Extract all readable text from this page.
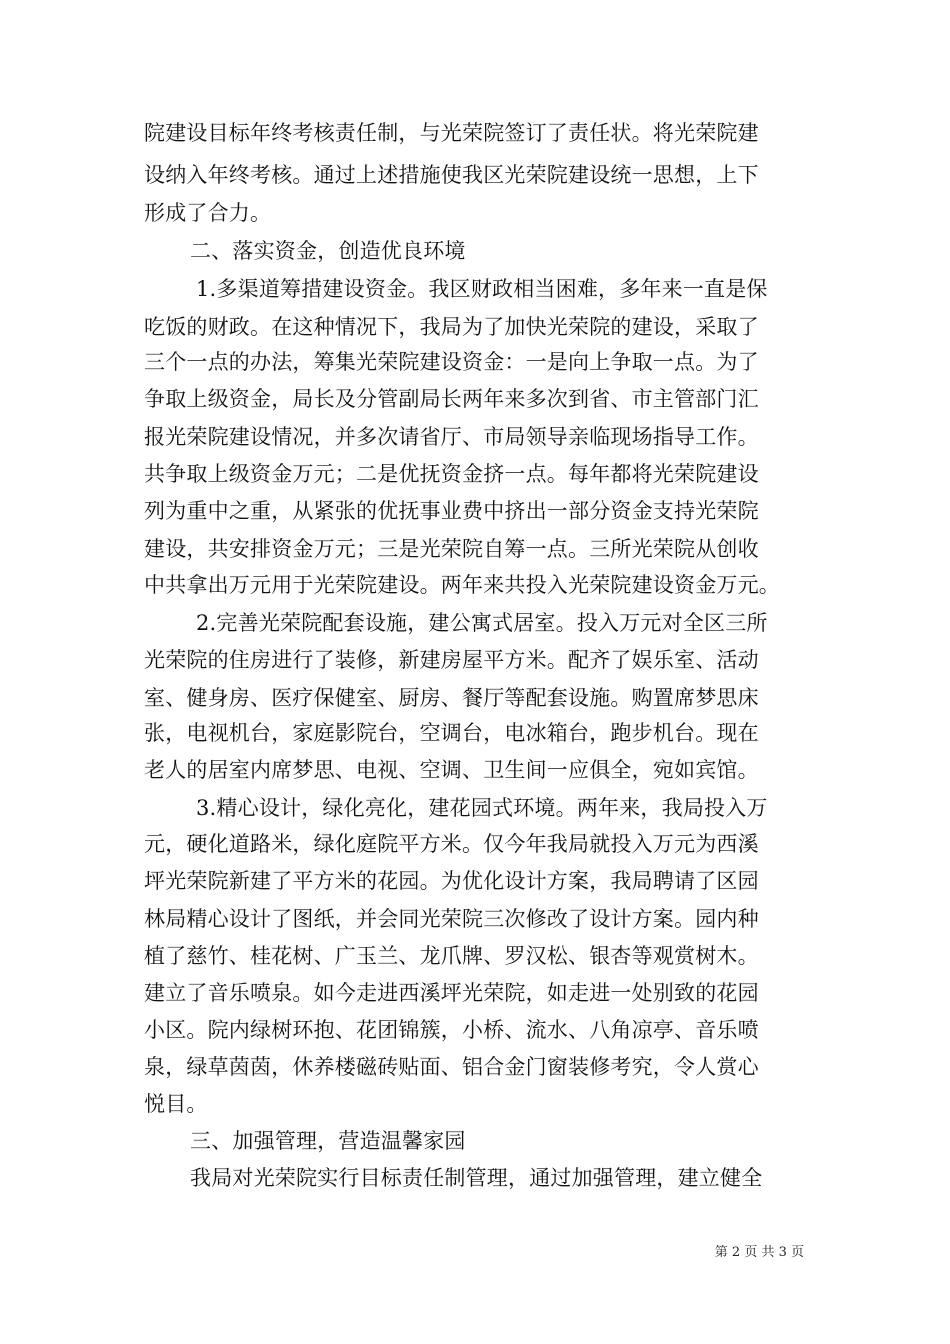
院建设目标年终考核责任制，与光荣院签订了责任状。将光荣院建
设纳入年终考核。通过上述措施使我区光荣院建设统一思想，上下
形成了合力。
二、落实资金，创造优良环境
1.多渠道筹措建设资金。我区财政相当困难，多年来一直是保
吃饭的财政。在这种情况下，我局为了加快光荣院的建设，采取了
三个一点的办法，筹集光荣院建设资金：一是向上争取一点。为了
争取上级资金，局长及分管副局长两年来多次到省、市主管部门汇
报光荣院建设情况，并多次请省厅、市局领导亲临现场指导工作。
共争取上级资金万元；二是优抚资金挤一点。每年都将光荣院建设
列为重中之重，从紧张的优抚事业费中挤出一部分资金支持光荣院
建设，共安排资金万元；三是光荣院自筹一点。三所光荣院从创收
中共拿出万元用于光荣院建设。两年来共投入光荣院建设资金万元。
2.完善光荣院配套设施，建公寓式居室。投入万元对全区三所
光荣院的住房进行了装修，新建房屋平方米。配齐了娱乐室、活动
室、健身房、医疗保健室、厨房、餐厅等配套设施。购置席梦思床
张，电视机台，家庭影院台，空调台，电冰箱台，跑步机台。现在
老人的居室内席梦思、电视、空调、卫生间一应俱全，宛如宾馆。
3.精心设计，绿化亮化，建花园式环境。两年来，我局投入万
元，硬化道路米，绿化庭院平方米。仅今年我局就投入万元为西溪
坪光荣院新建了平方米的花园。为优化设计方案，我局聘请了区园
林局精心设计了图纸，并会同光荣院三次修改了设计方案。园内种
植了慈竹、桂花树、广玉兰、龙爪牌、罗汉松、银杏等观赏树木。
建立了音乐喷泉。如今走进西溪坪光荣院，如走进一处别致的花园
小区。院内绿树环抱、花团锦簇，小桥、流水、八角凉亭、音乐喷
泉，绿草茵茵，休养楼磁砖贴面、铝合金门窗装修考究，令人赏心
悦目。
三、加强管理，营造温馨家园
我局对光荣院实行目标责任制管理，通过加强管理，建立健全
第 2 页 共 3 页
